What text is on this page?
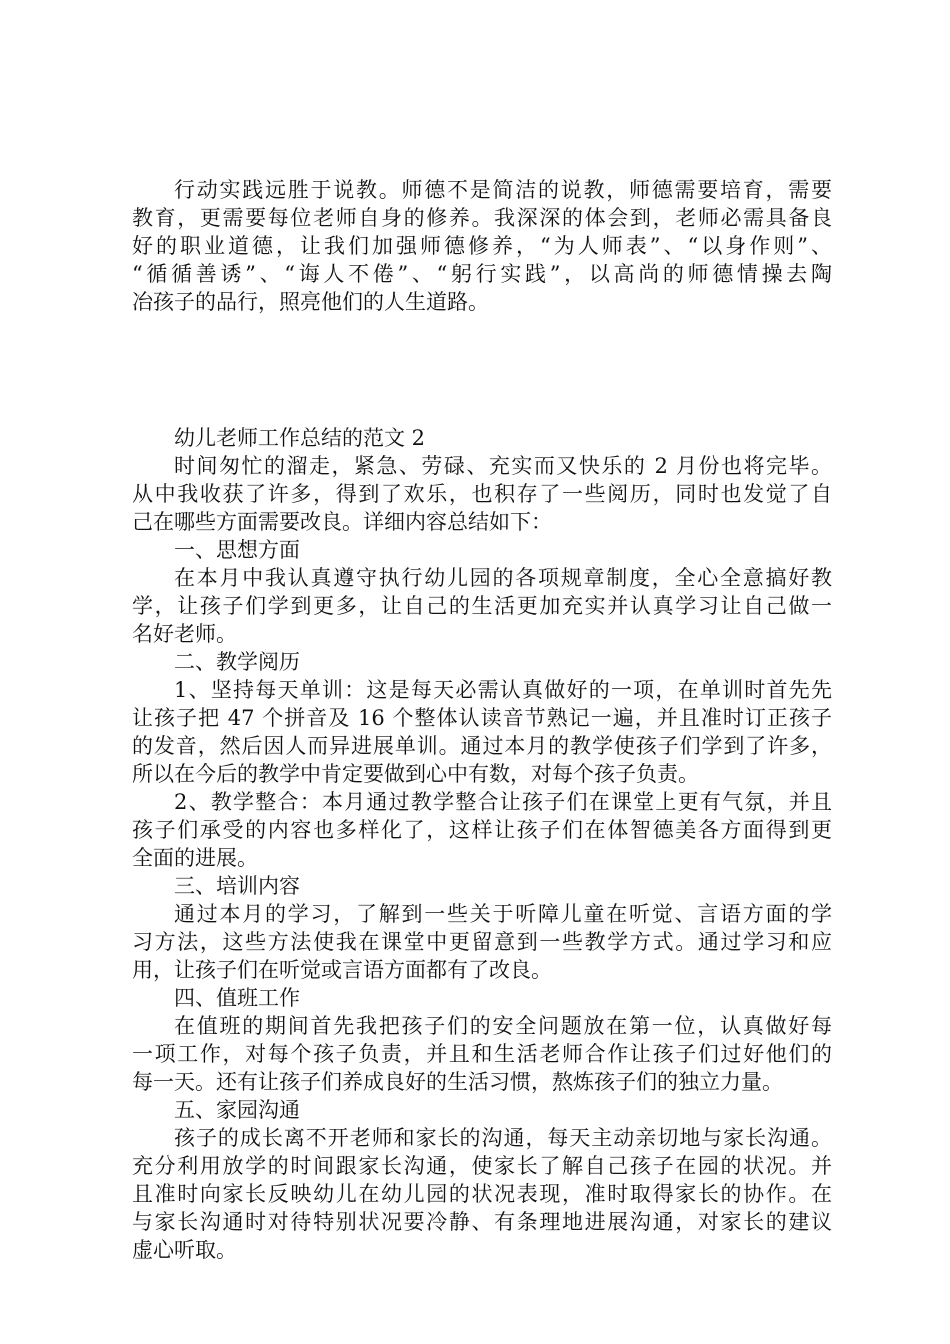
行动实践远胜于说教。师德不是简洁的说教，师德需要培育，需要
教育，更需要每位老师自身的修养。我深深的体会到，老师必需具备良
好的职业道德，让我们加强师德修养，“为人师表”、“以身作则”、
“循循善诱”、“诲人不倦”、“躬行实践”，以高尚的师德情操去陶
冶孩子的品行，照亮他们的人生道路。
幼儿老师工作总结的范文 2
时间匆忙的溜走，紧急、劳碌、充实而又快乐的 2 月份也将完毕。
从中我收获了许多，得到了欢乐，也积存了一些阅历，同时也发觉了自
己在哪些方面需要改良。详细内容总结如下：
一、思想方面
在本月中我认真遵守执行幼儿园的各项规章制度，全心全意搞好教
学，让孩子们学到更多，让自己的生活更加充实并认真学习让自己做一
名好老师。
二、教学阅历
1、坚持每天单训：这是每天必需认真做好的一项，在单训时首先先
让孩子把 47 个拼音及 16 个整体认读音节熟记一遍，并且准时订正孩子
的发音，然后因人而异进展单训。通过本月的教学使孩子们学到了许多，
所以在今后的教学中肯定要做到心中有数，对每个孩子负责。
2、教学整合：本月通过教学整合让孩子们在课堂上更有气氛，并且
孩子们承受的内容也多样化了，这样让孩子们在体智德美各方面得到更
全面的进展。
三、培训内容
通过本月的学习，了解到一些关于听障儿童在听觉、言语方面的学
习方法，这些方法使我在课堂中更留意到一些教学方式。通过学习和应
用，让孩子们在听觉或言语方面都有了改良。
四、值班工作
在值班的期间首先我把孩子们的安全问题放在第一位，认真做好每
一项工作，对每个孩子负责，并且和生活老师合作让孩子们过好他们的
每一天。还有让孩子们养成良好的生活习惯，熬炼孩子们的独立力量。
五、家园沟通
孩子的成长离不开老师和家长的沟通，每天主动亲切地与家长沟通。
充分利用放学的时间跟家长沟通，使家长了解自己孩子在园的状况。并
且准时向家长反映幼儿在幼儿园的状况表现，准时取得家长的协作。在
与家长沟通时对待特别状况要冷静、有条理地进展沟通，对家长的建议
虚心听取。
